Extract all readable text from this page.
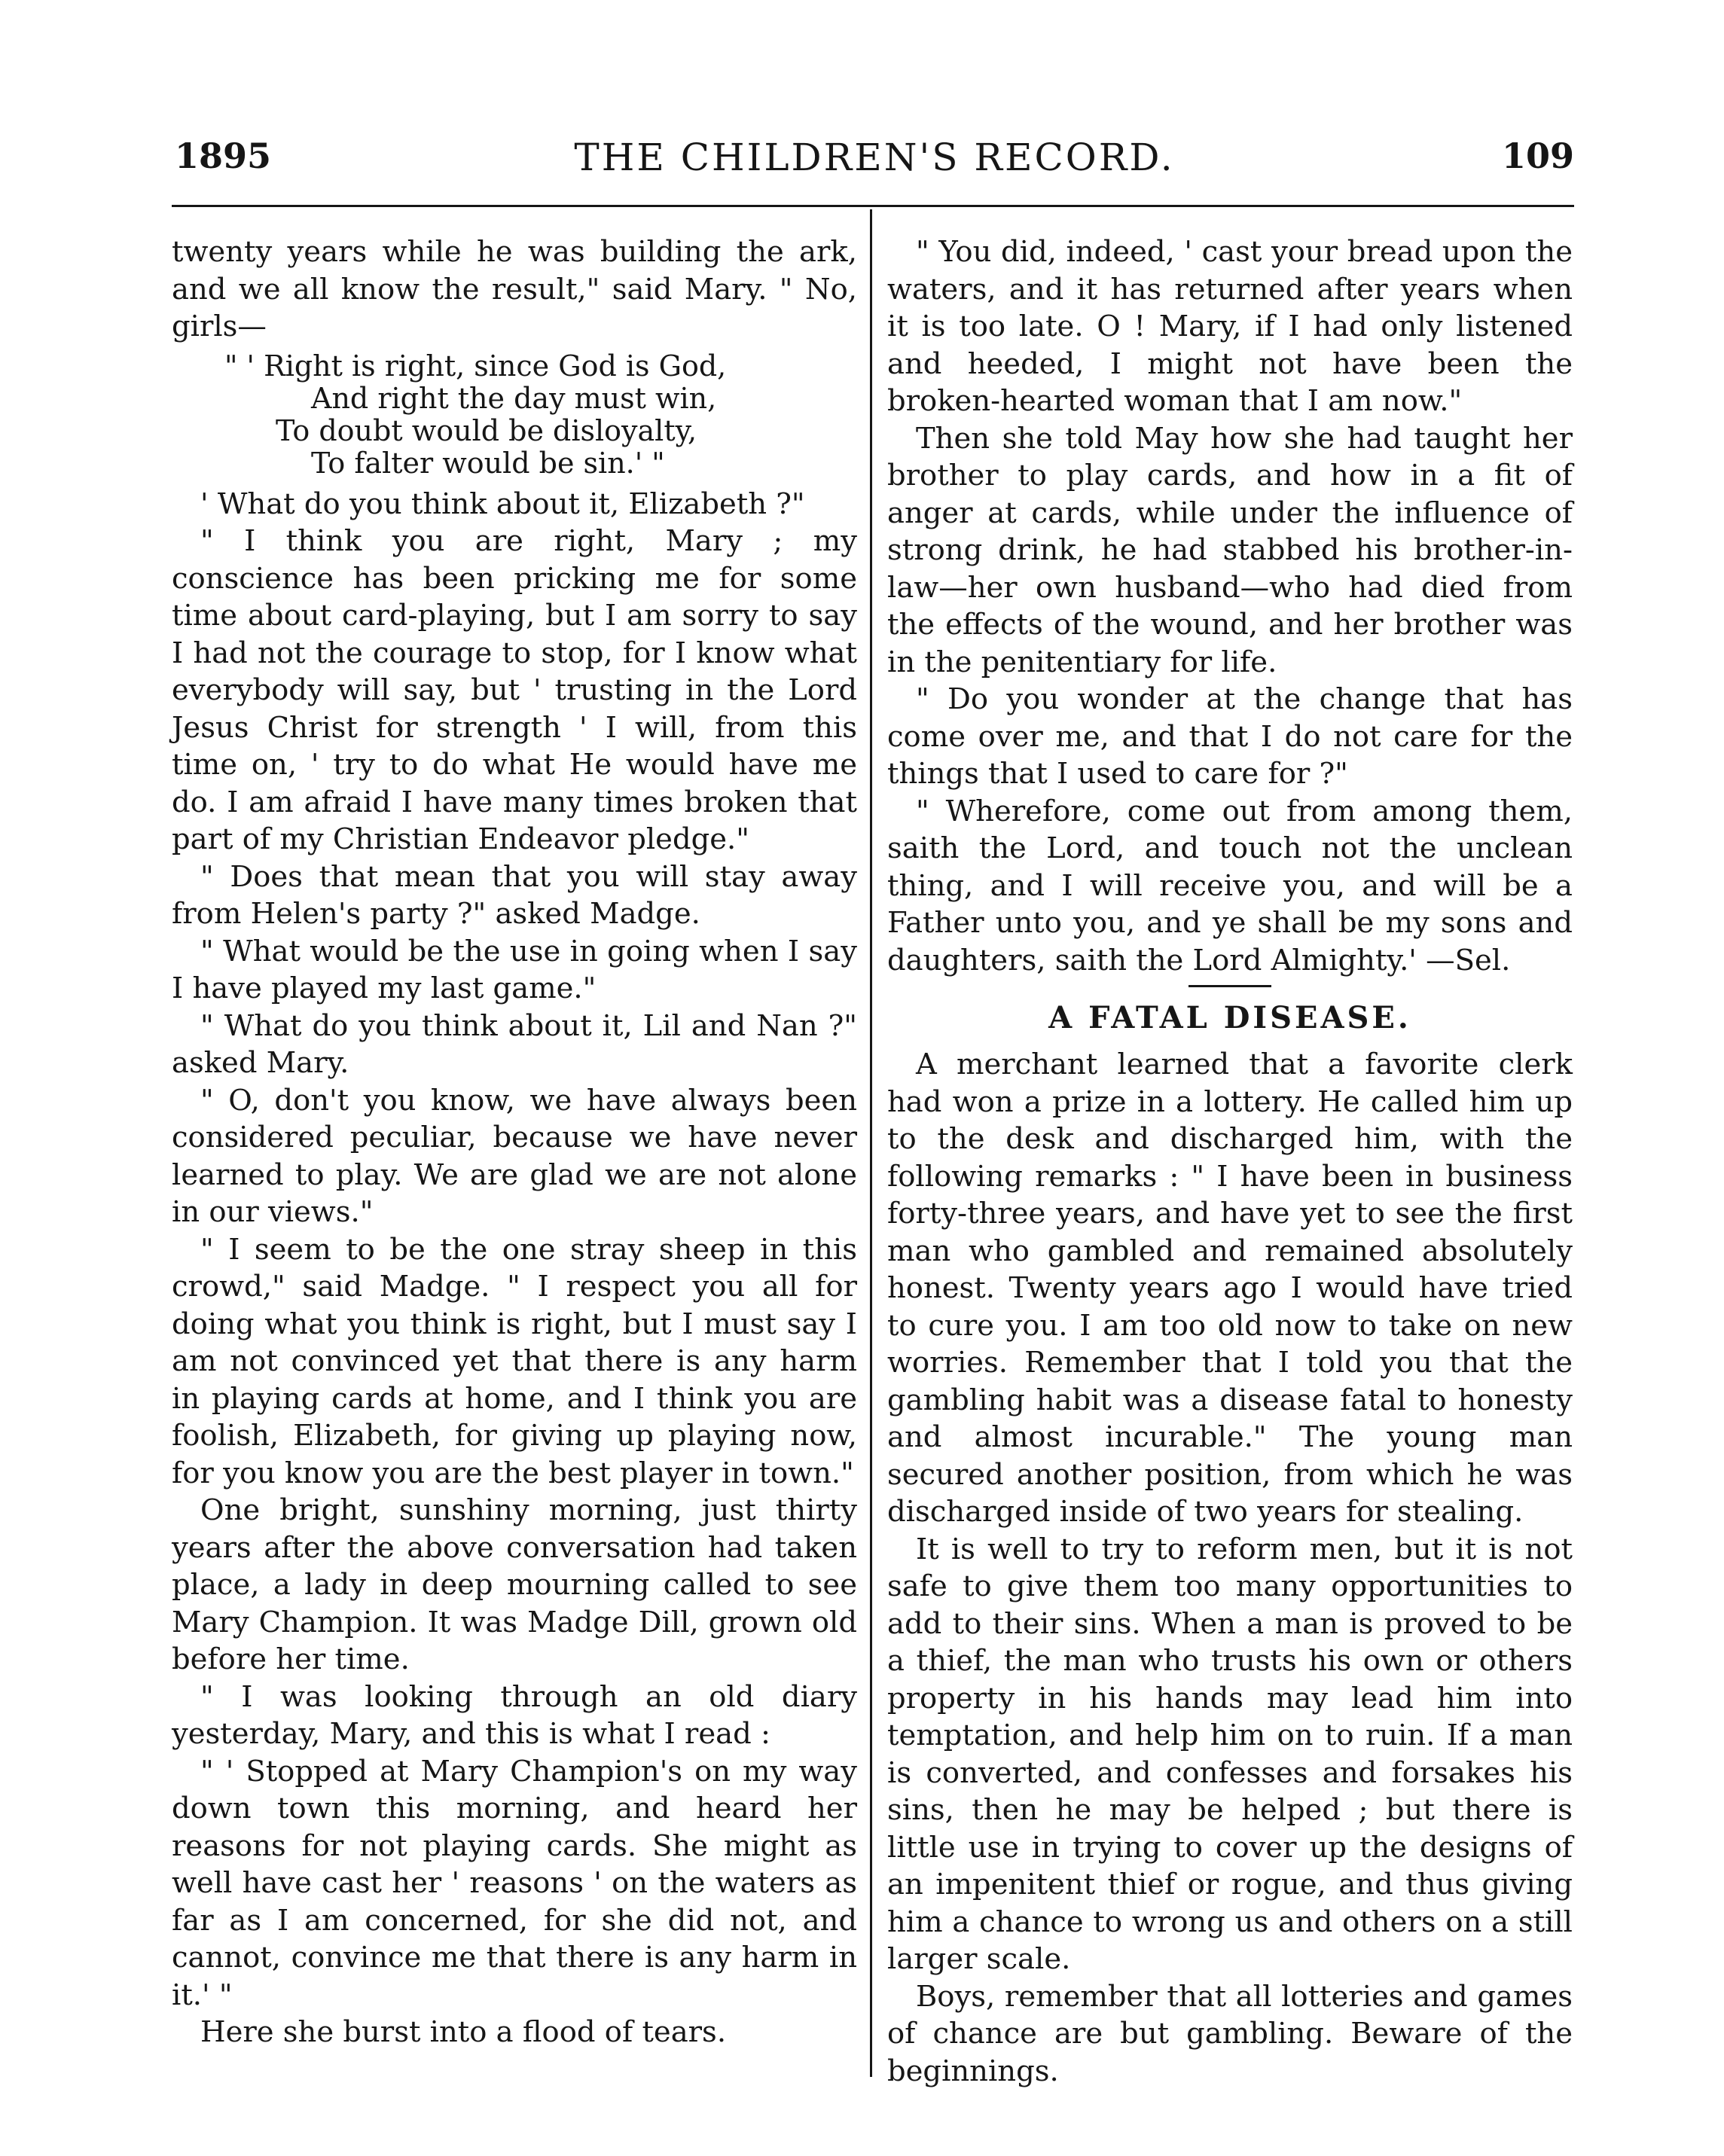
1895	THE CHILDREN'S RECORD.	109

twenty years while he was building the ark, and we all know the result," said Mary. " No, girls—

" ' Right is right, since God is God,
And right the day must win,
To doubt would be disloyalty,
To falter would be sin.' "

' What do you think about it, Elizabeth ?"

" I think you are right, Mary ; my conscience has been pricking me for some time about card-playing, but I am sorry to say I had not the courage to stop, for I know what everybody will say, but ' trusting in the Lord Jesus Christ for strength ' I will, from this time on, ' try to do what He would have me do. I am afraid I have many times broken that part of my Christian Endeavor pledge."

" Does that mean that you will stay away from Helen's party ?" asked Madge.

" What would be the use in going when I say I have played my last game."

" What do you think about it, Lil and Nan ?" asked Mary.

" O, don't you know, we have always been considered peculiar, because we have never learned to play. We are glad we are not alone in our views."

" I seem to be the one stray sheep in this crowd," said Madge. " I respect you all for doing what you think is right, but I must say I am not convinced yet that there is any harm in playing cards at home, and I think you are foolish, Elizabeth, for giving up playing now, for you know you are the best player in town."

One bright, sunshiny morning, just thirty years after the above conversation had taken place, a lady in deep mourning called to see Mary Champion. It was Madge Dill, grown old before her time.

" I was looking through an old diary yesterday, Mary, and this is what I read :

" ' Stopped at Mary Champion's on my way down town this morning, and heard her reasons for not playing cards. She might as well have cast her ' reasons ' on the waters as far as I am concerned, for she did not, and cannot, convince me that there is any harm in it.' "

Here she burst into a flood of tears.

" You did, indeed, ' cast your bread upon the waters, and it has returned after years when it is too late. O ! Mary, if I had only listened and heeded, I might not have been the broken-hearted woman that I am now."

Then she told May how she had taught her brother to play cards, and how in a fit of anger at cards, while under the influence of strong drink, he had stabbed his brother-in-law—her own husband—who had died from the effects of the wound, and her brother was in the penitentiary for life.

" Do you wonder at the change that has come over me, and that I do not care for the things that I used to care for ?"

" Wherefore, come out from among them, saith the Lord, and touch not the unclean thing, and I will receive you, and will be a Father unto you, and ye shall be my sons and daughters, saith the Lord Almighty.' —Sel.

A FATAL DISEASE.

A merchant learned that a favorite clerk had won a prize in a lottery. He called him up to the desk and discharged him, with the following remarks : " I have been in business forty-three years, and have yet to see the first man who gambled and remained absolutely honest. Twenty years ago I would have tried to cure you. I am too old now to take on new worries. Remember that I told you that the gambling habit was a disease fatal to honesty and almost incurable." The young man secured another position, from which he was discharged inside of two years for stealing.

It is well to try to reform men, but it is not safe to give them too many opportunities to add to their sins. When a man is proved to be a thief, the man who trusts his own or others property in his hands may lead him into temptation, and help him on to ruin. If a man is converted, and confesses and forsakes his sins, then he may be helped ; but there is little use in trying to cover up the designs of an impenitent thief or rogue, and thus giving him a chance to wrong us and others on a still larger scale.

Boys, remember that all lotteries and games of chance are but gambling. Beware of the beginnings.
